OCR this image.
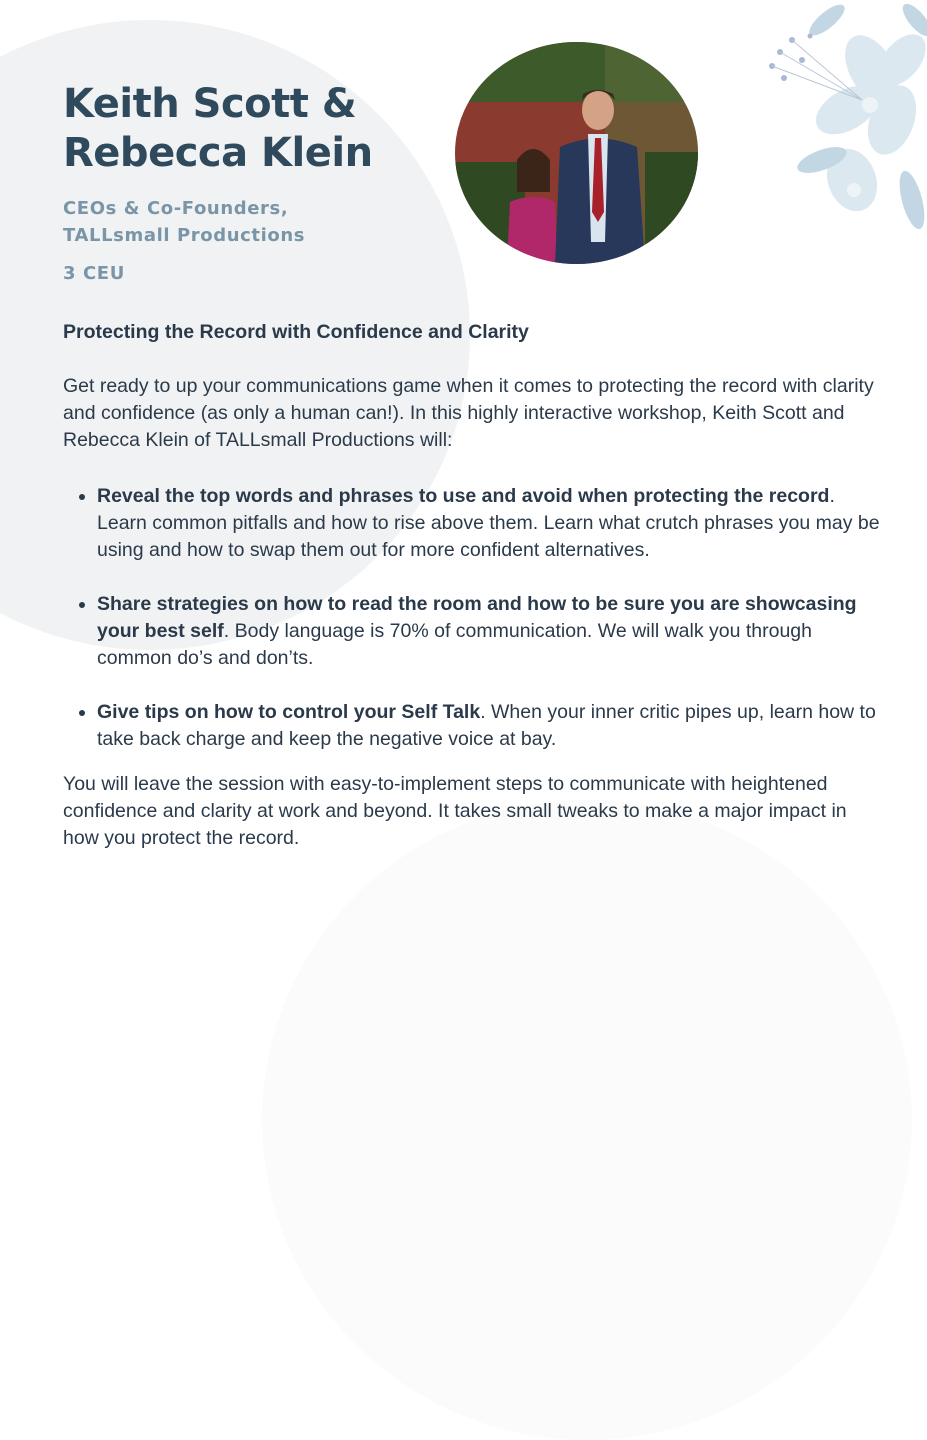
Keith Scott &
Rebecca Klein
CEOs & Co-Founders,
TALLsmall Productions
3 CEU
Protecting the Record with Confidence and Clarity

Get ready to up your communications game when it comes to protecting the record with clarity and confidence (as only a human can!). In this highly interactive workshop, Keith Scott and Rebecca Klein of TALLsmall Productions will:

• Reveal the top words and phrases to use and avoid when protecting the record. Learn common pitfalls and how to rise above them. Learn what crutch phrases you may be using and how to swap them out for more confident alternatives.
• Share strategies on how to read the room and how to be sure you are showcasing your best self. Body language is 70% of communication. We will walk you through common do’s and don’ts.
• Give tips on how to control your Self Talk. When your inner critic pipes up, learn how to take back charge and keep the negative voice at bay.

You will leave the session with easy-to-implement steps to communicate with heightened confidence and clarity at work and beyond. It takes small tweaks to make a major impact in how you protect the record.
